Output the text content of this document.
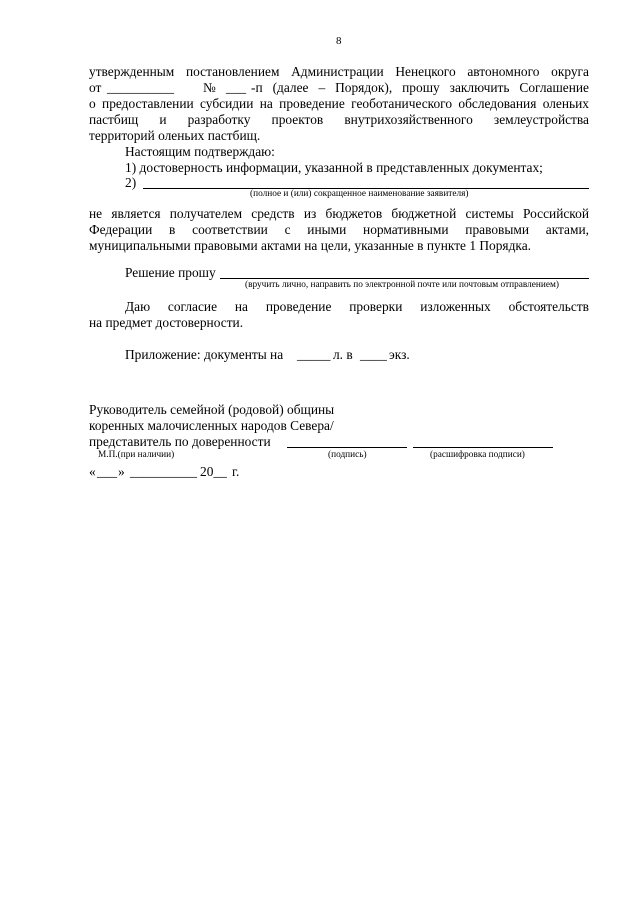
8
утвержденным постановлением Администрации Ненецкого автономного округа
от __________ № ___ -п (далее – Порядок), прошу заключить Соглашение
о предоставлении субсидии на проведение геоботанического обследования оленьих
пастбищ и разработку проектов внутрихозяйственного землеустройства
территорий оленьих пастбищ.
Настоящим подтверждаю:
1) достоверность информации, указанной в представленных документах;
2)
(полное и (или) сокращенное наименование заявителя)
не является получателем средств из бюджетов бюджетной системы Российской
Федерации в соответствии с иными нормативными правовыми актами,
муниципальными правовыми актами на цели, указанные в пункте 1 Порядка.
Решение прошу
(вручить лично, направить по электронной почте или почтовым отправлением)
Даю согласие на проведение проверки изложенных обстоятельств
на предмет достоверности.
Приложение: документы на _____ л. в ____ экз.
Руководитель семейной (родовой) общины
коренных малочисленных народов Севера/
представитель по доверенности
М.П.(при наличии)	(подпись)	(расшифровка подписи)
« ___ » __________ 20__ г.
